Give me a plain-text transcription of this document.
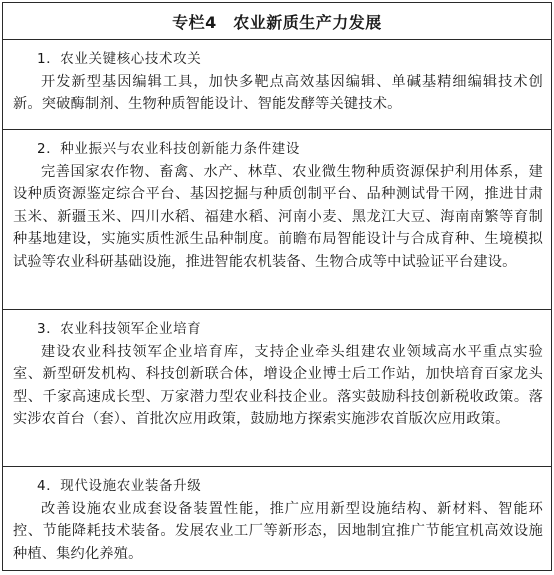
专栏4　农业新质生产力发展
1．农业关键核心技术攻关

开发新型基因编辑工具，加快多靶点高效基因编辑、单碱基精细编辑技术创新。突破酶制剂、生物种质智能设计、智能发酵等关键技术。

2．种业振兴与农业科技创新能力条件建设

完善国家农作物、畜禽、水产、林草、农业微生物种质资源保护利用体系，建设种质资源鉴定综合平台、基因挖掘与种质创制平台、品种测试骨干网，推进甘肃玉米、新疆玉米、四川水稻、福建水稻、河南小麦、黑龙江大豆、海南南繁等育制种基地建设，实施实质性派生品种制度。前瞻布局智能设计与合成育种、生境模拟试验等农业科研基础设施，推进智能农机装备、生物合成等中试验证平台建设。

3．农业科技领军企业培育

建设农业科技领军企业培育库，支持企业牵头组建农业领域高水平重点实验室、新型研发机构、科技创新联合体，增设企业博士后工作站，加快培育百家龙头型、千家高速成长型、万家潜力型农业科技企业。落实鼓励科技创新税收政策。落实涉农首台（套）、首批次应用政策，鼓励地方探索实施涉农首版次应用政策。

4．现代设施农业装备升级

改善设施农业成套设备装置性能，推广应用新型设施结构、新材料、智能环控、节能降耗技术装备。发展农业工厂等新形态，因地制宜推广节能宜机高效设施种植、集约化养殖。
